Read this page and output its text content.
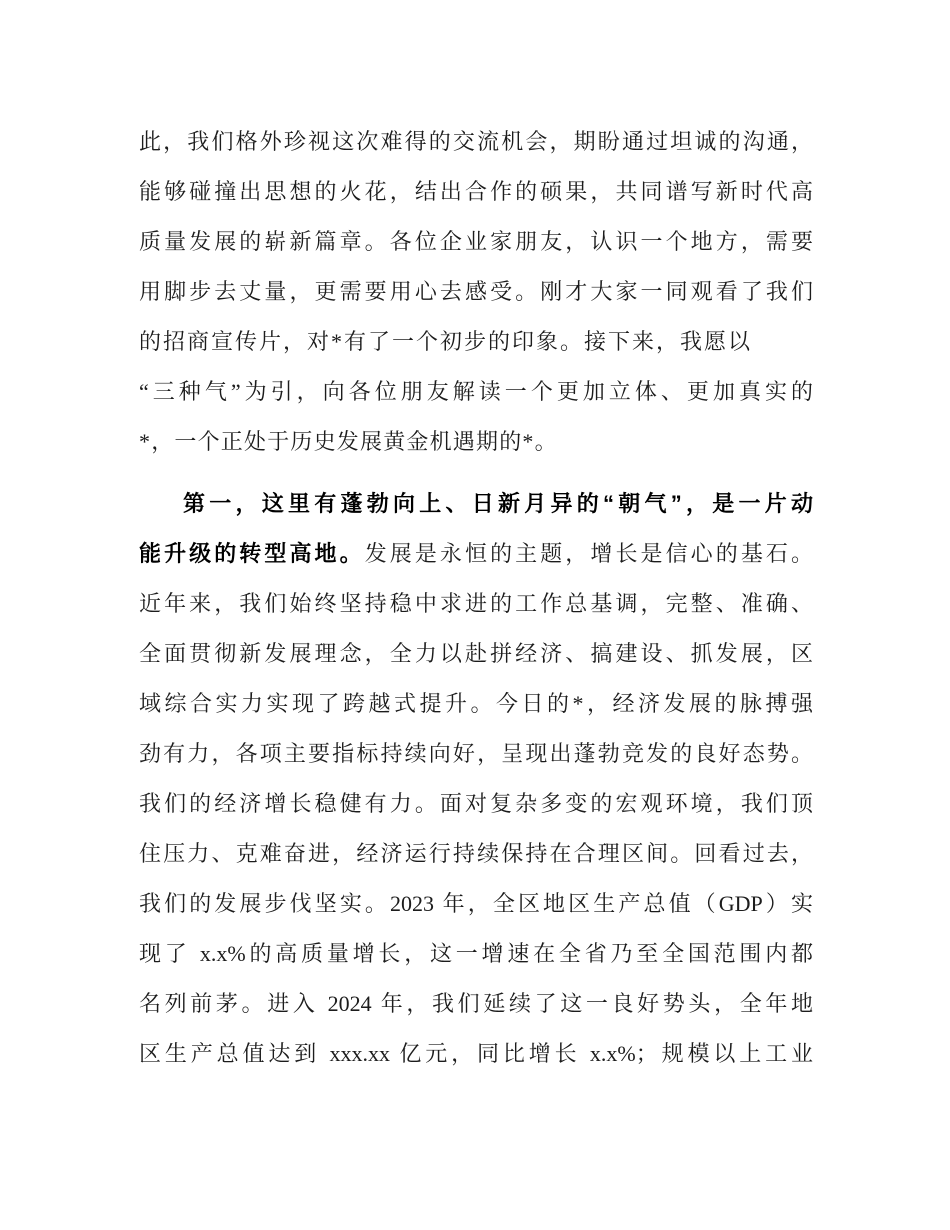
此，我们格外珍视这次难得的交流机会，期盼通过坦诚的沟通，
能够碰撞出思想的火花，结出合作的硕果，共同谱写新时代高
质量发展的崭新篇章。各位企业家朋友，认识一个地方，需要
用脚步去丈量，更需要用心去感受。刚才大家一同观看了我们
的招商宣传片，对*有了一个初步的印象。接下来，我愿以
“三种气”为引，向各位朋友解读一个更加立体、更加真实的
*，一个正处于历史发展黄金机遇期的*。
第一，这里有蓬勃向上、日新月异的“朝气”，是一片动
能升级的转型高地。发展是永恒的主题，增长是信心的基石。
近年来，我们始终坚持稳中求进的工作总基调，完整、准确、
全面贯彻新发展理念，全力以赴拼经济、搞建设、抓发展，区
域综合实力实现了跨越式提升。今日的*，经济发展的脉搏强
劲有力，各项主要指标持续向好，呈现出蓬勃竞发的良好态势。
我们的经济增长稳健有力。面对复杂多变的宏观环境，我们顶
住压力、克难奋进，经济运行持续保持在合理区间。回看过去，
我们的发展步伐坚实。2023 年，全区地区生产总值（GDP）实
现了 x.x%的高质量增长，这一增速在全省乃至全国范围内都
名列前茅。进入 2024 年，我们延续了这一良好势头，全年地
区生产总值达到 xxx.xx 亿元，同比增长 x.x%；规模以上工业
